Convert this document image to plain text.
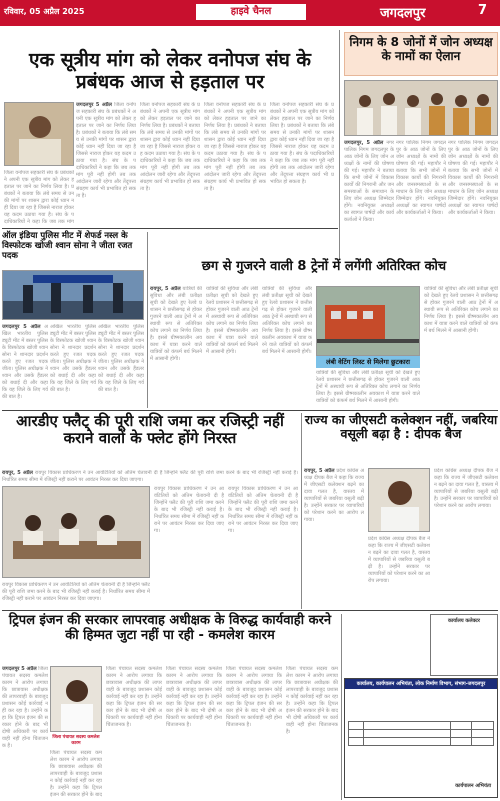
रविवार, 05 अप्रैल 2025	हाइवे चैनल	जगदलपुर	7
एक सूत्रीय मांग को लेकर वनोपज संघ के प्रबंधक आज से हड़ताल पर
जगदलपुर 5 अप्रैल जिला वनोपज सहकारी संघ के प्रबंधकों ने अपनी एक सूत्रीय मांग को लेकर हड़ताल पर जाने का निर्णय लिया है। प्रबंधकों ने बताया कि लंबे समय से उनकी मांगों पर शासन द्वारा कोई ध्यान नहीं दिया जा रहा है जिससे नाराज होकर यह कदम उठाया गया है। संघ के पदाधिकारियों ने कहा कि जब तक मांग पूरी नहीं होगी तब तक आंदोलन जारी रहेगा और तेंदूपत्ता संग्रहण कार्य भी प्रभावित हो सकता है।
जिला वनोपज सहकारी संघ के प्रबंधकों ने अपनी एक सूत्रीय मांग को लेकर हड़ताल पर जाने का निर्णय लिया है। प्रबंधकों ने बताया कि लंबे समय से उनकी मांगों पर शासन द्वारा कोई ध्यान नहीं दिया जा रहा है जिससे नाराज होकर यह कदम उठाया गया है। संघ के पदाधिकारियों ने कहा कि जब तक मांग पूरी नहीं होगी तब तक आंदोलन जारी रहेगा और तेंदूपत्ता संग्रहण कार्य भी प्रभावित हो सकता है।
जिला वनोपज सहकारी संघ के प्रबंधकों ने अपनी एक सूत्रीय मांग को लेकर हड़ताल पर जाने का निर्णय लिया है। प्रबंधकों ने बताया कि लंबे समय से उनकी मांगों पर शासन द्वारा कोई ध्यान नहीं दिया जा रहा है जिससे नाराज होकर यह कदम उठाया गया है। संघ के पदाधिकारियों ने कहा कि जब तक मांग पूरी नहीं होगी तब तक आंदोलन जारी रहेगा और तेंदूपत्ता संग्रहण कार्य भी प्रभावित हो सकता है।
जिला वनोपज सहकारी संघ के प्रबंधकों ने अपनी एक सूत्रीय मांग को लेकर हड़ताल पर जाने का निर्णय लिया है। प्रबंधकों ने बताया कि लंबे समय से उनकी मांगों पर शासन द्वारा कोई ध्यान नहीं दिया जा रहा है जिससे नाराज होकर यह कदम उठाया गया है। संघ के पदाधिकारियों ने कहा कि जब तक मांग पूरी नहीं होगी तब तक आंदोलन जारी रहेगा और तेंदूपत्ता संग्रहण कार्य भी प्रभावित हो सकता है।
जिला वनोपज सहकारी संघ के प्रबंधकों ने अपनी एक सूत्रीय मांग को लेकर हड़ताल पर जाने का निर्णय लिया है। प्रबंधकों ने बताया कि लंबे समय से उनकी मांगों पर शासन द्वारा कोई ध्यान नहीं दिया जा रहा है जिससे नाराज होकर यह कदम उठाया गया है। संघ के पदाधिकारियों ने कहा कि जब तक मांग
निगम के 8 जोनों में जोन अध्यक्ष के नामों का ऐलान
जगदलपुर, 5 अप्रैल नगर पालिक निगम जगदलपुर के आठ जोनों के लिए जोन अध्यक्षों के नामों की घोषणा की गई। महापौर ने बताया कि सभी जोनों में विकास कार्यों की निगरानी और जनसमस्याओं के समाधान के लिए जोन अध्यक्ष जिम्मेदार होंगे। नवनियुक्त अध्यक्षों का स्वागत पार्षदों और कार्यकर्ताओं ने किया।
नगर पालिक निगम जगदलपुर के आठ जोनों के लिए जोन अध्यक्षों के नामों की घोषणा की गई। महापौर ने बताया कि सभी जोनों में विकास कार्यों की निगरानी और जनसमस्याओं के समाधान के लिए जोन अध्यक्ष जिम्मेदार होंगे। नवनियुक्त अध्यक्षों का स्वागत पार्षदों और कार्यकर्ताओं ने किया।
नगर पालिक निगम जगदलपुर के आठ जोनों के लिए जोन अध्यक्षों के नामों की घोषणा की गई। महापौर ने बताया कि सभी जोनों में विकास कार्यों की निगरानी और जनसमस्याओं के समाधान के लिए जोन अध्यक्ष जिम्मेदार होंगे। नवनियुक्त अध्यक्षों का स्वागत पार्षदों और कार्यकर्ताओं ने किया।
ऑल इंडिया पुलिस मीट में शेफर्ड नस्ल के विस्फोटक खोजी श्वान सोना ने जीता रजत पदक
जगदलपुर 5 अप्रैल अखिल भारतीय पुलिस ड्यूटी मीट में बस्तर पुलिस के विस्फोटक खोजी श्वान सोना ने शानदार प्रदर्शन करते हुए रजत पदक जीता। पुलिस अधीक्षक ने श्वान और उसके हैंडलर को बधाई दी और कहा कि यह जिले के लिए गर्व की बात है।
अखिल भारतीय पुलिस ड्यूटी मीट में बस्तर पुलिस के विस्फोटक खोजी श्वान सोना ने शानदार प्रदर्शन करते हुए रजत पदक जीता। पुलिस अधीक्षक ने श्वान और उसके हैंडलर को बधाई दी और कहा कि यह जिले के लिए गर्व की बात है।
अखिल भारतीय पुलिस ड्यूटी मीट में बस्तर पुलिस के विस्फोटक खोजी श्वान सोना ने शानदार प्रदर्शन करते हुए रजत पदक जीता। पुलिस अधीक्षक ने श्वान और उसके हैंडलर को बधाई दी और कहा कि यह जिले के लिए गर्व की बात है।
छग से गुजरने वाली 8 ट्रेनों में लगेंगी अतिरिक्त कोच
लंबी वेटिंग लिस्ट से मिलेगा छुटकारा
रायपुर, 5 अप्रैल यात्रियों की सुविधा और लंबी प्रतीक्षा सूची को देखते हुए रेलवे प्रशासन ने छत्तीसगढ़ से होकर गुजरने वाली आठ ट्रेनों में अस्थायी रूप से अतिरिक्त कोच लगाने का निर्णय लिया है। इससे ग्रीष्मकालीन अवकाश में यात्रा करने वाले यात्रियों को कंफर्म बर्थ मिलने में आसानी होगी।
यात्रियों की सुविधा और लंबी प्रतीक्षा सूची को देखते हुए रेलवे प्रशासन ने छत्तीसगढ़ से होकर गुजरने वाली आठ ट्रेनों में अस्थायी रूप से अतिरिक्त कोच लगाने का निर्णय लिया है। इससे ग्रीष्मकालीन अवकाश में यात्रा करने वाले यात्रियों को कंफर्म बर्थ मिलने में आसानी होगी।
यात्रियों की सुविधा और लंबी प्रतीक्षा सूची को देखते हुए रेलवे प्रशासन ने छत्तीसगढ़ से होकर गुजरने वाली आठ ट्रेनों में अस्थायी रूप से अतिरिक्त कोच लगाने का निर्णय लिया है। इससे ग्रीष्मकालीन अवकाश में यात्रा करने वाले यात्रियों को कंफर्म बर्थ मिलने में आसानी होगी।
यात्रियों की सुविधा और लंबी प्रतीक्षा सूची को देखते हुए रेलवे प्रशासन ने छत्तीसगढ़ से होकर गुजरने वाली आठ ट्रेनों में अस्थायी रूप से अतिरिक्त कोच लगाने का निर्णय लिया है। इससे ग्रीष्मकालीन अवकाश में यात्रा करने वाले यात्रियों को कंफर्म बर्थ मिलने में आसानी होगी।
यात्रियों की सुविधा और लंबी प्रतीक्षा सूची को देखते हुए रेलवे प्रशासन ने छत्तीसगढ़ से होकर गुजरने वाली आठ ट्रेनों में अस्थायी रूप से अतिरिक्त कोच लगाने का निर्णय लिया है। इससे ग्रीष्मकालीन अवकाश में यात्रा करने वाले यात्रियों को कंफर्म बर्थ मिलने में आसानी होगी।
आरडीए फ्लैट् की पूरी राशि जमा कर रजिस्ट्री नहीं कराने वालों के फ्लेट होंगे निरस्त
रायपुर, 5 अप्रैल रायपुर विकास प्राधिकरण ने उन आवंटितियों को अंतिम चेतावनी दी है जिन्होंने फ्लैट की पूरी राशि जमा करने के बाद भी रजिस्ट्री नहीं कराई है। निर्धारित समय सीमा में रजिस्ट्री नहीं कराने पर आवंटन निरस्त कर दिया जाएगा।
रायपुर विकास प्राधिकरण ने उन आवंटितियों को अंतिम चेतावनी दी है जिन्होंने फ्लैट की पूरी राशि जमा करने के बाद भी रजिस्ट्री नहीं कराई है। निर्धारित समय सीमा में रजिस्ट्री नहीं कराने पर आवंटन निरस्त कर दिया जाएगा।
रायपुर विकास प्राधिकरण ने उन आवंटितियों को अंतिम चेतावनी दी है जिन्होंने फ्लैट की पूरी राशि जमा करने के बाद भी रजिस्ट्री नहीं कराई है। निर्धारित समय सीमा में रजिस्ट्री नहीं कराने पर आवंटन निरस्त कर दिया जाएगा।
रायपुर विकास प्राधिकरण ने उन आवंटितियों को अंतिम चेतावनी दी है जिन्होंने फ्लैट की पूरी राशि जमा करने के बाद भी रजिस्ट्री नहीं कराई है। निर्धारित समय सीमा में रजिस्ट्री नहीं कराने पर आवंटन निरस्त कर दिया जाएगा।
राज्य का जीएसटी कलेक्शन नहीं, जबरिया वसूली बढ़ा है : दीपक बैज
रायपुर, 5 अप्रैल प्रदेश कांग्रेस अध्यक्ष दीपक बैज ने कहा कि राज्य में जीएसटी कलेक्शन बढ़ने का दावा गलत है, वास्तव में व्यापारियों से जबरिया वसूली बढ़ी है। उन्होंने सरकार पर व्यापारियों को परेशान करने का आरोप लगाया।
प्रदेश कांग्रेस अध्यक्ष दीपक बैज ने कहा कि राज्य में जीएसटी कलेक्शन बढ़ने का दावा गलत है, वास्तव में व्यापारियों से जबरिया वसूली बढ़ी है। उन्होंने सरकार पर व्यापारियों को परेशान करने का आरोप लगाया।
प्रदेश कांग्रेस अध्यक्ष दीपक बैज ने कहा कि राज्य में जीएसटी कलेक्शन बढ़ने का दावा गलत है, वास्तव में व्यापारियों से जबरिया वसूली बढ़ी है। उन्होंने सरकार पर व्यापारियों को परेशान करने का आरोप लगाया।
ट्रिपल इंजन की सरकार लापरवाह अधीक्षक के विरुद्ध कार्यवाही करने की हिम्मत जुटा नहीं पा रही - कमलेश कारम
जगदलपुर 5 अप्रैल जिला पंचायत सदस्य कमलेश कारम ने आरोप लगाया कि छात्रावास अधीक्षक की लापरवाही के बावजूद प्रशासन कोई कार्रवाई नहीं कर रहा है। उन्होंने कहा कि ट्रिपल इंजन की सरकार होने के बाद भी दोषी अधिकारी पर कार्यवाही नहीं होना चिंताजनक है।
जिला पंचायत सदस्य कमलेश कारम
जिला पंचायत सदस्य कमलेश कारम ने आरोप लगाया कि छात्रावास अधीक्षक की लापरवाही के बावजूद प्रशासन कोई कार्रवाई नहीं कर रहा है। उन्होंने कहा कि ट्रिपल इंजन की सरकार होने के बाद
जिला पंचायत सदस्य कमलेश कारम ने आरोप लगाया कि छात्रावास अधीक्षक की लापरवाही के बावजूद प्रशासन कोई कार्रवाई नहीं कर रहा है। उन्होंने कहा कि ट्रिपल इंजन की सरकार होने के बाद भी दोषी अधिकारी पर कार्यवाही नहीं होना चिंताजनक है।
जिला पंचायत सदस्य कमलेश कारम ने आरोप लगाया कि छात्रावास अधीक्षक की लापरवाही के बावजूद प्रशासन कोई कार्रवाई नहीं कर रहा है। उन्होंने कहा कि ट्रिपल इंजन की सरकार होने के बाद भी दोषी अधिकारी पर कार्यवाही नहीं होना चिंताजनक है।
जिला पंचायत सदस्य कमलेश कारम ने आरोप लगाया कि छात्रावास अधीक्षक की लापरवाही के बावजूद प्रशासन कोई कार्रवाई नहीं कर रहा है। उन्होंने कहा कि ट्रिपल इंजन की सरकार होने के बाद भी दोषी अधिकारी पर कार्यवाही नहीं होना चिंताजनक है।
जिला पंचायत सदस्य कमलेश कारम ने आरोप लगाया कि छात्रावास अधीक्षक की लापरवाही के बावजूद प्रशासन कोई कार्रवाई नहीं कर रहा है। उन्होंने कहा कि ट्रिपल इंजन की सरकार होने के बाद भी दोषी अधिकारी पर कार्यवाही नहीं होना चिंताजनक है।
कार्यालय कलेक्टर

कार्यालय, कार्यपालन अभियंता, लोक निर्माण विभाग, संभाग-जगदलपुर

कार्यपालन अभियंता
